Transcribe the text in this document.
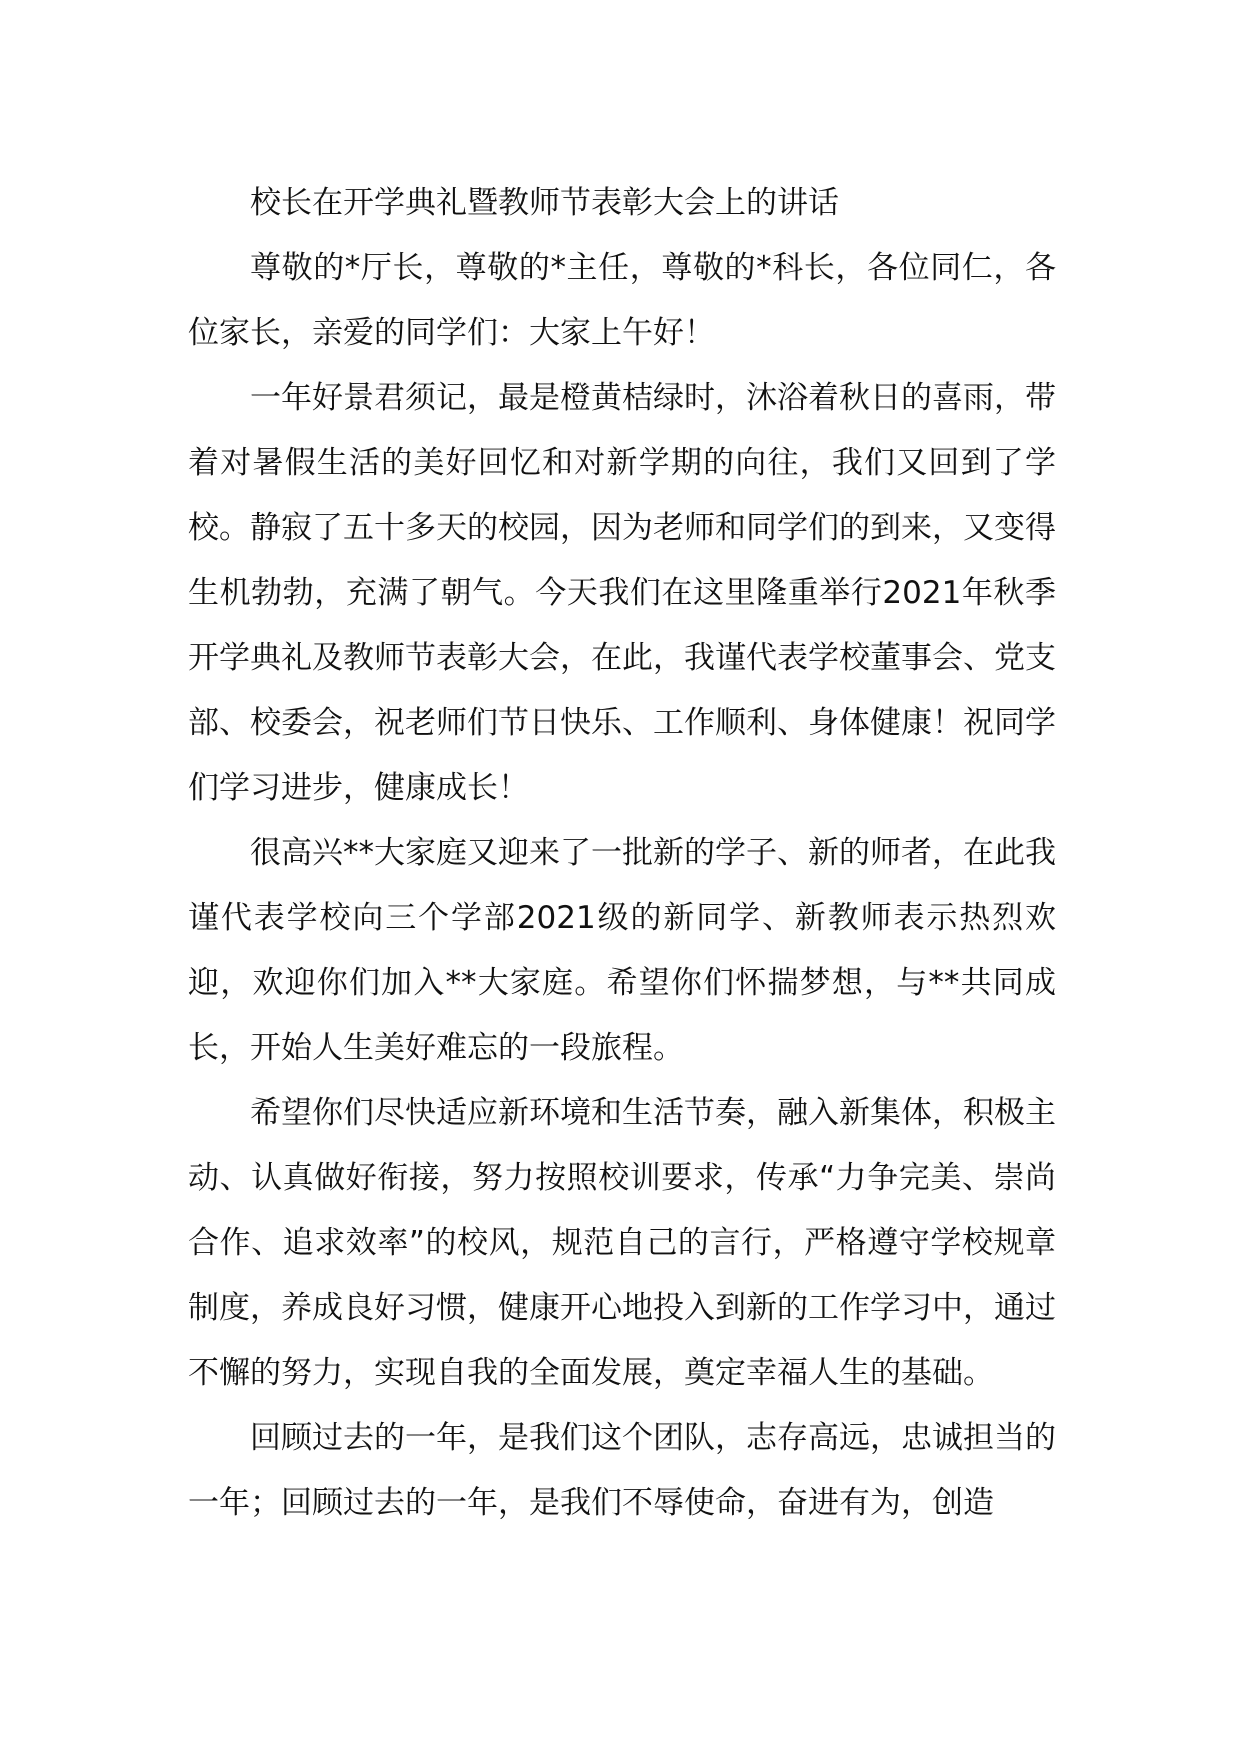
校长在开学典礼暨教师节表彰大会上的讲话

尊敬的*厅长，尊敬的*主任，尊敬的*科长，各位同仁，各位家长，亲爱的同学们：大家上午好！

一年好景君须记，最是橙黄桔绿时，沐浴着秋日的喜雨，带着对暑假生活的美好回忆和对新学期的向往，我们又回到了学校。静寂了五十多天的校园，因为老师和同学们的到来，又变得生机勃勃，充满了朝气。今天我们在这里隆重举行2021年秋季开学典礼及教师节表彰大会，在此，我谨代表学校董事会、党支部、校委会，祝老师们节日快乐、工作顺利、身体健康！祝同学们学习进步，健康成长！

很高兴**大家庭又迎来了一批新的学子、新的师者，在此我谨代表学校向三个学部2021级的新同学、新教师表示热烈欢迎，欢迎你们加入**大家庭。希望你们怀揣梦想，与**共同成长，开始人生美好难忘的一段旅程。

希望你们尽快适应新环境和生活节奏，融入新集体，积极主动、认真做好衔接，努力按照校训要求，传承“力争完美、崇尚合作、追求效率”的校风，规范自己的言行，严格遵守学校规章制度，养成良好习惯，健康开心地投入到新的工作学习中，通过不懈的努力，实现自我的全面发展，奠定幸福人生的基础。

回顾过去的一年，是我们这个团队，志存高远，忠诚担当的一年；回顾过去的一年，是我们不辱使命，奋进有为，创造
